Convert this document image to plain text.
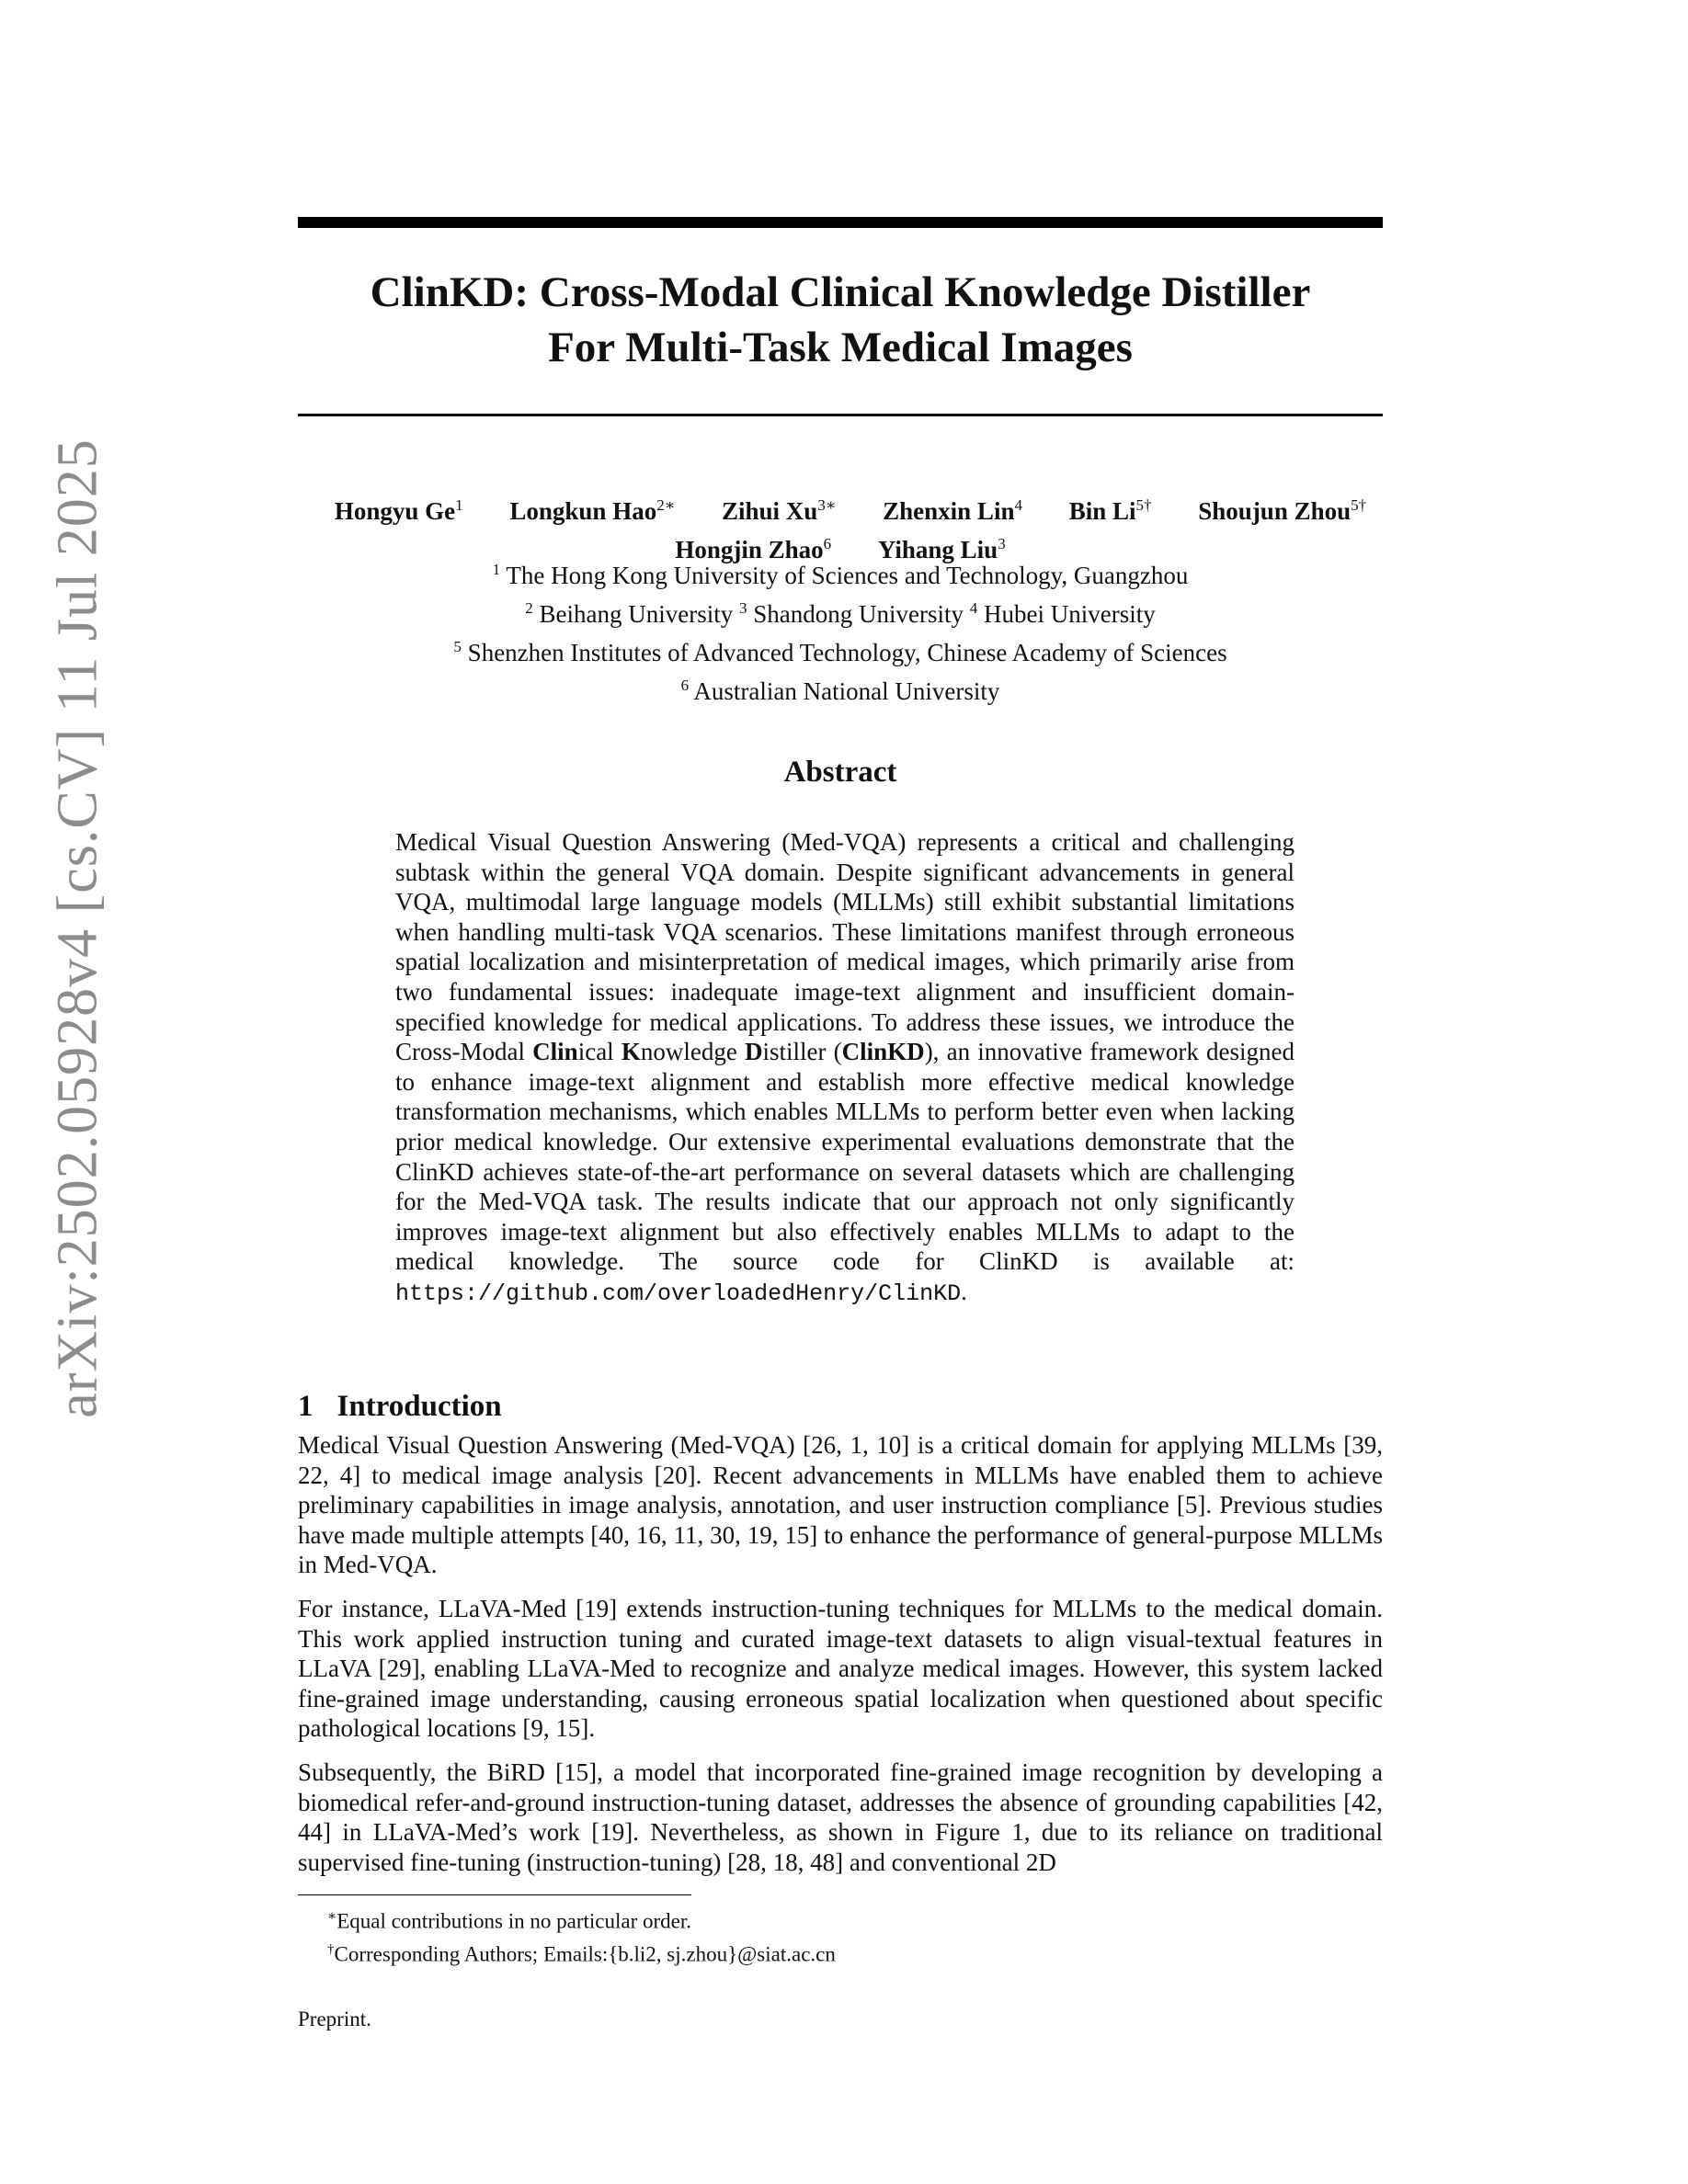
arXiv:2502.05928v4 [cs.CV] 11 Jul 2025
ClinKD: Cross-Modal Clinical Knowledge Distiller
For Multi-Task Medical Images
Hongyu Ge$^1$ Longkun Hao$^{2∗}$ Zihui $Xu^{3∗}$ Zhenxin Lin$^4$ Bin $Li^{5\dagger}$ Shoujun Zhou$^{5\dagger}$
Hongjin Zhao$^6$ Yihang Liu$^3$
$^1$ The Hong Kong University of Sciences and Technology, Guangzhou
$^2$ Beihang University $^3$ Shandong University $^4$ Hubei University
$^5$ Shenzhen Institutes of Advanced Technology, Chinese Academy of Sciences
$^6$ Australian National University
Abstract
Medical Visual Question Answering (Med-VQA) represents a critical and challenging subtask within the general VQA domain. Despite significant advancements in general VQA, multimodal large language models (MLLMs) still exhibit substantial limitations when handling multi-task VQA scenarios. These limitations manifest through erroneous spatial localization and misinterpretation of medical images, which primarily arise from two fundamental issues: inadequate image-text alignment and insufficient domain-specified knowledge for medical applications. To address these issues, we introduce the Cross-Modal Clinical Knowledge Distiller (ClinKD), an innovative framework designed to enhance image-text alignment and establish more effective medical knowledge transformation mechanisms, which enables MLLMs to perform better even when lacking prior medical knowledge. Our extensive experimental evaluations demonstrate that the ClinKD achieves state-of-the-art performance on several datasets which are challenging for the Med-VQA task. The results indicate that our approach not only significantly improves image-text alignment but also effectively enables MLLMs to adapt to the medical knowledge. The source code for ClinKD is available at: https://github.com/overloadedHenry/ClinKD.
1 Introduction

Medical Visual Question Answering (Med-VQA) [26, 1, 10] is a critical domain for applying MLLMs [39, 22, 4] to medical image analysis [20]. Recent advancements in MLLMs have enabled them to achieve preliminary capabilities in image analysis, annotation, and user instruction compliance [5]. Previous studies have made multiple attempts [40, 16, 11, 30, 19, 15] to enhance the performance of general-purpose MLLMs in Med-VQA.

For instance, LLaVA-Med [19] extends instruction-tuning techniques for MLLMs to the medical domain. This work applied instruction tuning and curated image-text datasets to align visual-textual features in LLaVA [29], enabling LLaVA-Med to recognize and analyze medical images. However, this system lacked fine-grained image understanding, causing erroneous spatial localization when questioned about specific pathological locations [9, 15].

Subsequently, the BiRD [15], a model that incorporated fine-grained image recognition by developing a biomedical refer-and-ground instruction-tuning dataset, addresses the absence of grounding capabilities [42, 44] in LLaVA-Med’s work [19]. Nevertheless, as shown in Figure 1, due to its reliance on traditional supervised fine-tuning (instruction-tuning) [28, 18, 48] and conventional 2D

∗Equal contributions in no particular order.
†Corresponding Authors; Emails:{b.li2, sj.zhou}@siat.ac.cn
Preprint.
